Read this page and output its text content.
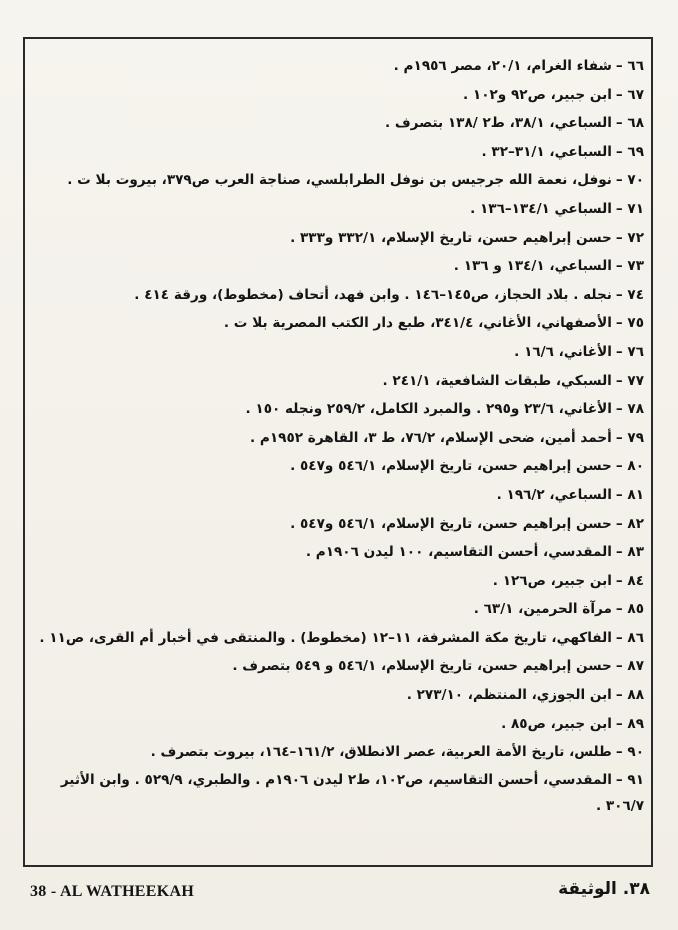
٦٦ –شفاء الغرام، ٢٠/١، مصر ١٩٥٦م .
٦٧ –ابن جبير، ص٩٢ و١٠٢ .
٦٨ –السباعي، ٣٨/١، ط٢ /١٣٨ بتصرف .
٦٩ –السباعي، ٣١/١–٣٢ .
٧٠ –نوفل، نعمة الله جرجيس بن نوفل الطرابلسي، صناجة العرب ص٣٧٩، بيروت بلا ت .
٧١ –السباعي ١٣٤/١–١٣٦ .
٧٢ –حسن إبراهيم حسن، تاريخ الإسلام، ٣٣٢/١ و٣٣٣ .
٧٣ –السباعي، ١٣٤/١ و ١٣٦ .
٧٤ –نجله . بلاد الحجاز، ص١٤٥–١٤٦ . وابن فهد، أتحاف (مخطوط)، ورقة ٤١٤ .
٧٥ –الأصفهاني، الأغاني، ٣٤١/٤، طبع دار الكتب المصرية بلا ت .
٧٦ –الأغاني، ١٦/٦ .
٧٧ –السبكي، طبقات الشافعية، ٢٤١/١ .
٧٨ –الأغاني، ٢٣/٦ و٢٩٥ . والمبرد الكامل، ٢٥٩/٢ ونجله ١٥٠ .
٧٩ –أحمد أمين، ضحى الإسلام، ٧٦/٢، ط ٣، القاهرة ١٩٥٢م .
٨٠ –حسن إبراهيم حسن، تاريخ الإسلام، ٥٤٦/١ و٥٤٧ .
٨١ –السباعي، ١٩٦/٢ .
٨٢ –حسن إبراهيم حسن، تاريخ الإسلام، ٥٤٦/١ و٥٤٧ .
٨٣ –المقدسي، أحسن التقاسيم، ١٠٠ ليدن ١٩٠٦م .
٨٤ –ابن جبير، ص١٢٦ .
٨٥ –مرآة الحرمين، ٦٣/١ .
٨٦ –الفاكهي، تاريخ مكة المشرفة، ١١–١٢ (مخطوط) . والمنتقى في أخبار أم القرى، ص١١ .
٨٧ –حسن إبراهيم حسن، تاريخ الإسلام، ٥٤٦/١ و ٥٤٩ بتصرف .
٨٨ –ابن الجوزي، المنتظم، ٢٧٣/١٠ .
٨٩ –ابن جبير، ص٨٥ .
٩٠ –طلس، تاريخ الأمة العربية، عصر الانطلاق، ١٦١/٢–١٦٤، بيروت بتصرف .
٩١ –المقدسي، أحسن التقاسيم، ص١٠٢، ط٢ ليدن ١٩٠٦م . والطبري، ٥٢٩/٩ . وابن الأثير ٣٠٦/٧ .
38 - AL WATHEEKAH	٣٨. الوثيقة
